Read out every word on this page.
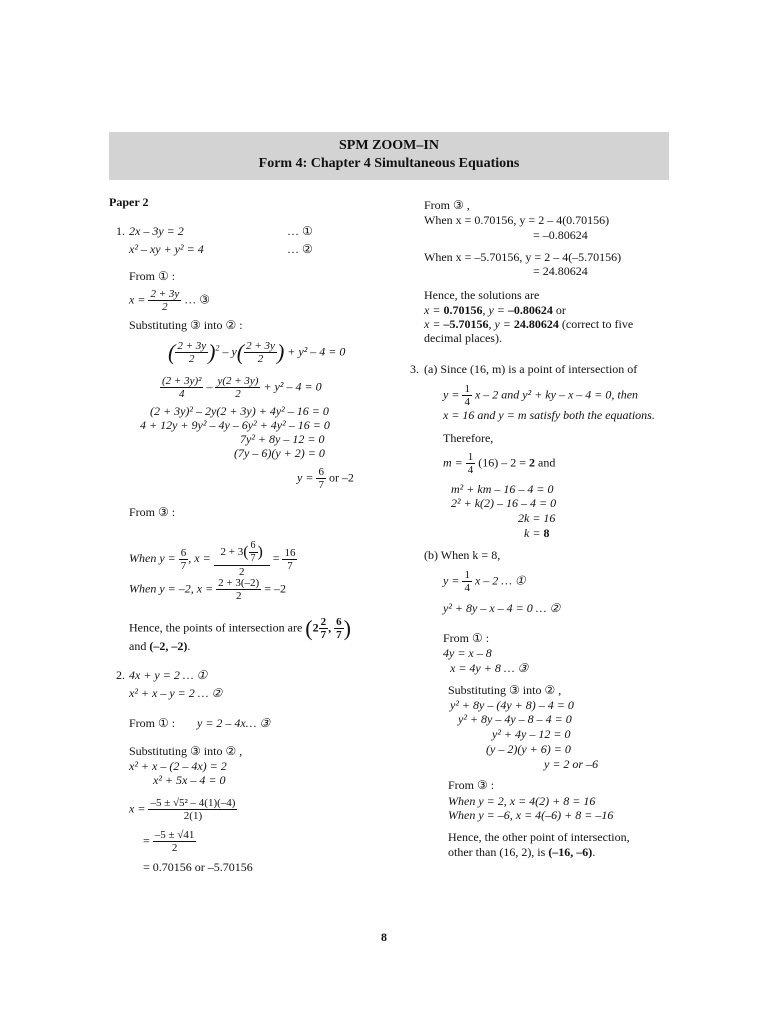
SPM ZOOM–IN
Form 4: Chapter 4 Simultaneous Equations
Paper 2
1. 2x – 3y = 2	… ①
x² – xy + y² = 4	… ②
From ① :
$x = \frac{2 + 3y}{2}$ … ③
Substituting ③ into ② :
( $\frac{2 + 3y}{2} )^2 - y( \frac{2 + 3y}{2}$ ) + y² – 4 = 0
$\frac{\text{(2 + 3y)²}}{4} - \frac{y(2 + 3y)}{2} + y^2 - 4 = 0$
(2 + 3y)² – 2y(2 + 3y) + 4y² – 16 = 0
4 + 12y + 9y² – 4y – 6y² + 4y² – 16 = 0
7y² + 8y – 12 = 0
(7y – 6)(y + 2) = 0
$y = \frac{6}{7}$ or –2
From ③ :
When $y = \frac{6}{7}$ , $x = \frac{2 + 3( \frac{6}{7} )}{2} = \frac{16}{7}$
When y = –2, $x = \frac{2 + 3(-2)}{2} = -2$
Hence, the points of intersection are ($2 \frac{2}{7}$ , $\frac{6}{7}$ )
and (–2, –2).
2. 4x + y = 2 … ①
x² + x – y = 2 … ②
From ① : y = 2 – 4x… ③
Substituting ③ into ② ,
x² + x – (2 – 4x) = 2
x² + 5x – 4 = 0
$x = \frac{\text{–5 ± √5² – 4(1)(–4)}}{2(1)}$
= $\frac{-5 \pm √41}{2}$
= 0.70156 or –5.70156
From ③ ,
When x = 0.70156, y = 2 – 4(0.70156)
= –0.80624
When x = –5.70156, y = 2 – 4(–5.70156)
= 24.80624
Hence, the solutions are
x = 0.70156, y = –0.80624 or
x = –5.70156, y = 24.80624 (correct to five
decimal places).
3. (a) Since (16, m) is a point of intersection of
$y = \frac{1}{4}$ x – 2 and y² + ky – x – 4 = 0, then
x = 16 and y = m satisfy both the equations.
Therefore,
$m = \frac{1}{4} (16) - 2 = 2$ and
m² + km – 16 – 4 = 0
2² + k(2) – 16 – 4 = 0
2k = 16
k = 8
(b) When k = 8,
$y = \frac{1}{4}$ x – 2 … ①
y² + 8y – x – 4 = 0 … ②
From ① :
4y = x – 8
x = 4y + 8 … ③
Substituting ③ into ② ,
y² + 8y – (4y + 8) – 4 = 0
y² + 8y – 4y – 8 – 4 = 0
y² + 4y – 12 = 0
(y – 2)(y + 6) = 0
y = 2 or –6
From ③ :
When y = 2, x = 4(2) + 8 = 16
When y = –6, x = 4(–6) + 8 = –16
Hence, the other point of intersection,
other than (16, 2), is (–16, –6).
8
